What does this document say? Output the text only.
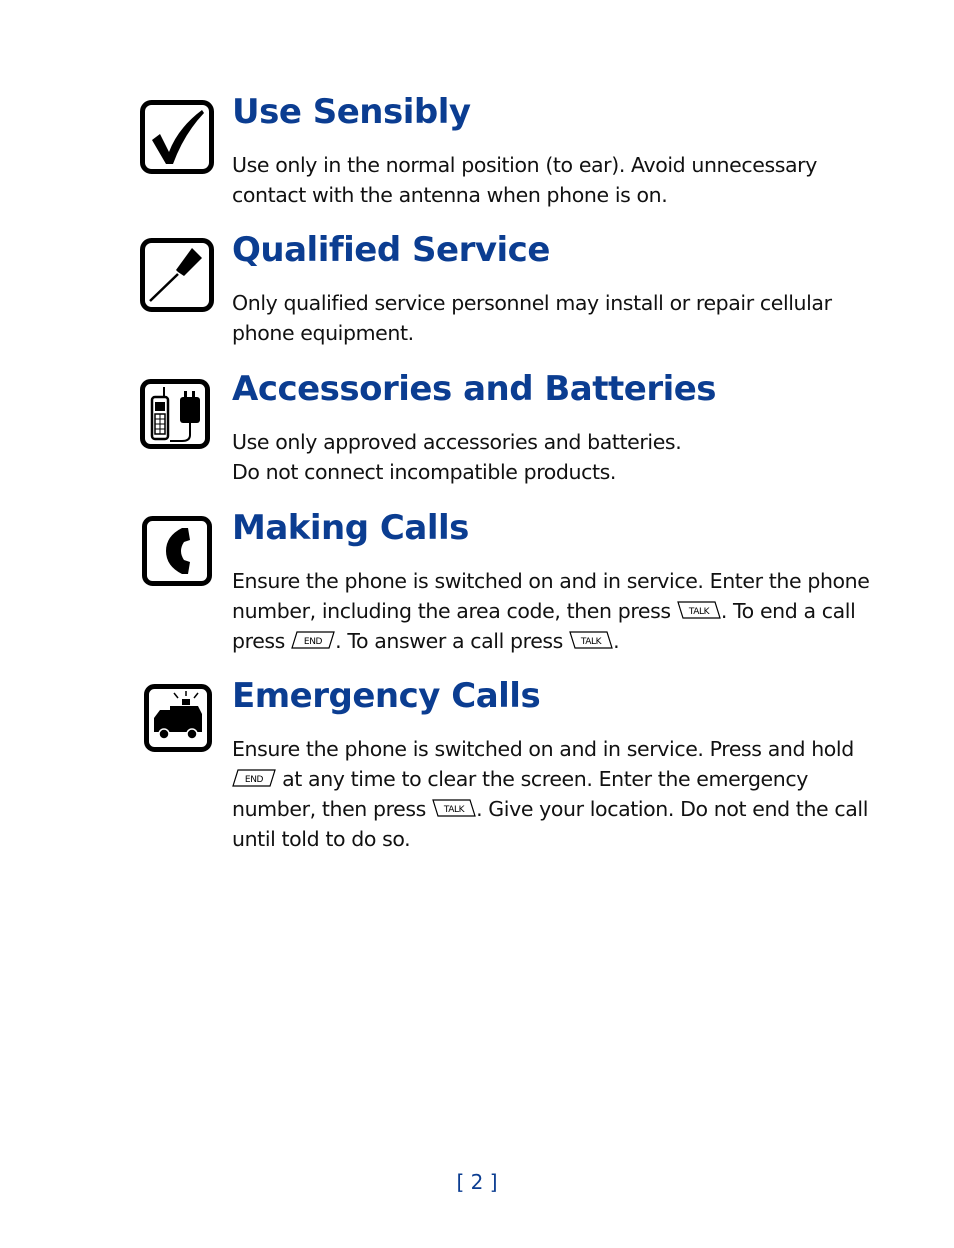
Use Sensibly

Use only in the normal position (to ear). Avoid unnecessary

contact with the antenna when phone is on.

Qualified Service

Only qualified service personnel may install or repair cellular

phone equipment.

Accessories and Batteries

Use only approved accessories and batteries.

Do not connect incompatible products.

Making Calls

Ensure the phone is switched on and in service. Enter the phone

number, including the area code, then press TALK . To end a call

press END . To answer a call press TALK .

Emergency Calls

Ensure the phone is switched on and in service. Press and hold

END at any time to clear the screen. Enter the emergency

number, then press TALK . Give your location. Do not end the call

until told to do so.

[ 2 ]
